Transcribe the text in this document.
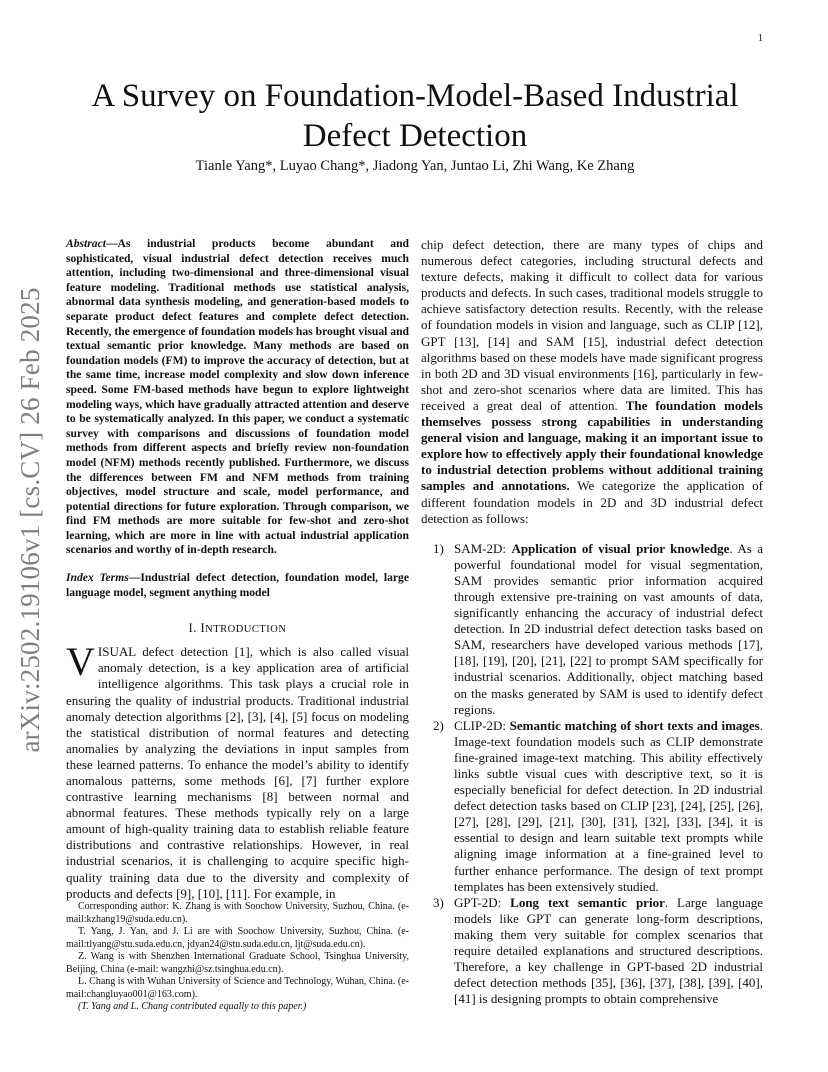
1
arXiv:2502.19106v1 [cs.CV] 26 Feb 2025
A Survey on Foundation-Model-Based Industrial
Defect Detection
Tianle Yang*, Luyao Chang*, Jiadong Yan, Juntao Li, Zhi Wang, Ke Zhang

Abstract—As industrial products become abundant and sophisticated, visual industrial defect detection receives much attention, including two-dimensional and three-dimensional visual feature modeling. Traditional methods use statistical analysis, abnormal data synthesis modeling, and generation-based models to separate product defect features and complete defect detection. Recently, the emergence of foundation models has brought visual and textual semantic prior knowledge. Many methods are based on foundation models (FM) to improve the accuracy of detection, but at the same time, increase model complexity and slow down inference speed. Some FM-based methods have begun to explore lightweight modeling ways, which have gradually attracted attention and deserve to be systematically analyzed. In this paper, we conduct a systematic survey with comparisons and discussions of foundation model methods from different aspects and briefly review non-foundation model (NFM) methods recently published. Furthermore, we discuss the differences between FM and NFM methods from training objectives, model structure and scale, model performance, and potential directions for future exploration. Through comparison, we find FM methods are more suitable for few-shot and zero-shot learning, which are more in line with actual industrial application scenarios and worthy of in-depth research.

Index Terms—Industrial defect detection, foundation model, large language model, segment anything model

I. INTRODUCTION

VISUAL defect detection [1], which is also called visual anomaly detection, is a key application area of artificial intelligence algorithms. This task plays a crucial role in ensuring the quality of industrial products. Traditional industrial anomaly detection algorithms [2], [3], [4], [5] focus on modeling the statistical distribution of normal features and detecting anomalies by analyzing the deviations in input samples from these learned patterns. To enhance the model’s ability to identify anomalous patterns, some methods [6], [7] further explore contrastive learning mechanisms [8] between normal and abnormal features. These methods typically rely on a large amount of high-quality training data to establish reliable feature distributions and contrastive relationships. However, in real industrial scenarios, it is challenging to acquire specific high-quality training data due to the diversity and complexity of products and defects [9], [10], [11]. For example, in

Corresponding author: K. Zhang is with Soochow University, Suzhou, China. (e-mail:kzhang19@suda.edu.cn).

T. Yang, J. Yan, and J. Li are with Soochow University, Suzhou, China. (e-mail:tlyang@stu.suda.edu.cn, jdyan24@stu.suda.edu.cn, ljt@suda.edu.cn).

Z. Wang is with Shenzhen International Graduate School, Tsinghua University, Beijing, China (e-mail: wangzhi@sz.tsinghua.edu.cn).

L. Chang is with Wuhan University of Science and Technology, Wuhan, China. (e-mail:changluyao001@163.com).

(T. Yang and L. Chang contributed equally to this paper.)

chip defect detection, there are many types of chips and numerous defect categories, including structural defects and texture defects, making it difficult to collect data for various products and defects. In such cases, traditional models struggle to achieve satisfactory detection results. Recently, with the release of foundation models in vision and language, such as CLIP [12], GPT [13], [14] and SAM [15], industrial defect detection algorithms based on these models have made significant progress in both 2D and 3D visual environments [16], particularly in few-shot and zero-shot scenarios where data are limited. This has received a great deal of attention. The foundation models themselves possess strong capabilities in understanding general vision and language, making it an important issue to explore how to effectively apply their foundational knowledge to industrial detection problems without additional training samples and annotations. We categorize the application of different foundation models in 2D and 3D industrial defect detection as follows:

1) SAM-2D: Application of visual prior knowledge. As a powerful foundational model for visual segmentation, SAM provides semantic prior information acquired through extensive pre-training on vast amounts of data, significantly enhancing the accuracy of industrial defect detection. In 2D industrial defect detection tasks based on SAM, researchers have developed various methods [17], [18], [19], [20], [21], [22] to prompt SAM specifically for industrial scenarios. Additionally, object matching based on the masks generated by SAM is used to identify defect regions.
2) CLIP-2D: Semantic matching of short texts and images. Image-text foundation models such as CLIP demonstrate fine-grained image-text matching. This ability effectively links subtle visual cues with descriptive text, so it is especially beneficial for defect detection. In 2D industrial defect detection tasks based on CLIP [23], [24], [25], [26], [27], [28], [29], [21], [30], [31], [32], [33], [34], it is essential to design and learn suitable text prompts while aligning image information at a fine-grained level to further enhance performance. The design of text prompt templates has been extensively studied.
3) GPT-2D: Long text semantic prior. Large language models like GPT can generate long-form descriptions, making them very suitable for complex scenarios that require detailed explanations and structured descriptions. Therefore, a key challenge in GPT-based 2D industrial defect detection methods [35], [36], [37], [38], [39], [40], [41] is designing prompts to obtain comprehensive
